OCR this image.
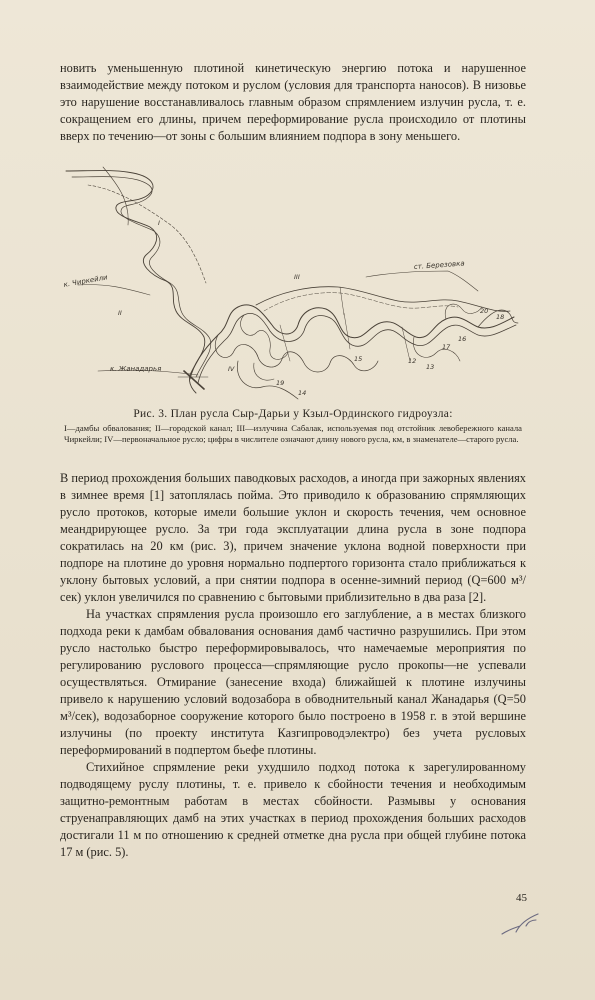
новить уменьшенную плотиной кинетическую энергию потока и нарушенное взаимодействие между потоком и руслом (условия для транспорта наносов). В низовье это нарушение восстанавливалось главным образом спрямлением излучин русла, т. е. сокращением его длины, причем переформирование русла происходило от плотины вверх по течению—от зоны с большим влиянием подпора в зону меньшего.

ст. Березовка
к. Чиркейли
к. Жанадарья
20
18
16
17
15
19
14
12
13
I
II
III
IV

Рис. 3. План русла Сыр-Дарьи у Кзыл-Ординского гидроузла:

I—дамбы обвалования; II—городской канал; III—излучина Сабалак, используемая под отстойник левобережного канала Чиркейли; IV—первоначальное русло; цифры в числителе означают длину нового русла, км, в знаменателе—старого русла.

В период прохождения больших паводковых расходов, а иногда при зажорных явлениях в зимнее время [1] затоплялась пойма. Это приводило к образованию спрямляющих русло протоков, которые имели большие уклон и скорость течения, чем основное меандрирующее русло. За три года эксплуатации длина русла в зоне подпора сократилась на 20 км (рис. 3), причем значение уклона водной поверхности при подпоре на плотине до уровня нормально подпертого горизонта стало приближаться к уклону бытовых условий, а при снятии подпора в осенне-зимний период (Q=600 м³/сек) уклон увеличился по сравнению с бытовыми приблизительно в два раза [2].

На участках спрямления русла произошло его заглубление, а в местах близкого подхода реки к дамбам обвалования основания дамб частично разрушились. При этом русло настолько быстро переформировывалось, что намечаемые мероприятия по регулированию руслового процесса—спрямляющие русло прокопы—не успевали осуществляться. Отмирание (занесение входа) ближайшей к плотине излучины привело к нарушению условий водозабора в обводнительный канал Жанадарья (Q=50 м³/сек), водозаборное сооружение которого было построено в 1958 г. в этой вершине излучины (по проекту института Казгипроводэлектро) без учета русловых переформирований в подпертом бьефе плотины.

Стихийное спрямление реки ухудшило подход потока к зарегулированному подводящему руслу плотины, т. е. привело к сбойности течения и необходимым защитно-ремонтным работам в местах сбойности. Размывы у основания струенаправляющих дамб на этих участках в период прохождения больших расходов достигали 11 м по отношению к средней отметке дна русла при общей глубине потока 17 м (рис. 5).

45
